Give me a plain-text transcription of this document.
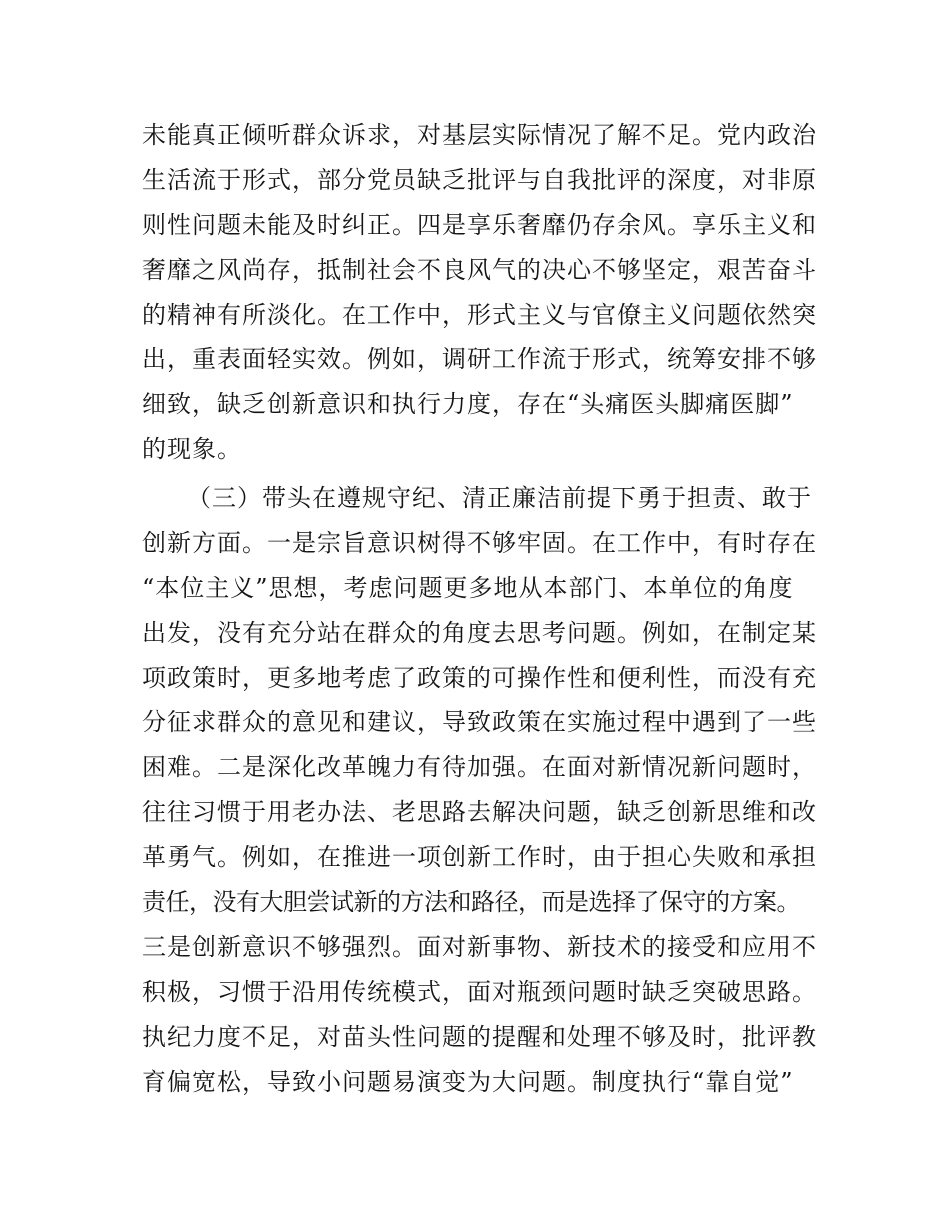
未能真正倾听群众诉求，对基层实际情况了解不足。党内政治
生活流于形式，部分党员缺乏批评与自我批评的深度，对非原
则性问题未能及时纠正。四是享乐奢靡仍存余风。享乐主义和
奢靡之风尚存，抵制社会不良风气的决心不够坚定，艰苦奋斗
的精神有所淡化。在工作中，形式主义与官僚主义问题依然突
出，重表面轻实效。例如，调研工作流于形式，统筹安排不够
细致，缺乏创新意识和执行力度，存在“头痛医头脚痛医脚”
的现象。
（三）带头在遵规守纪、清正廉洁前提下勇于担责、敢于
创新方面。一是宗旨意识树得不够牢固。在工作中，有时存在
“本位主义”思想，考虑问题更多地从本部门、本单位的角度
出发，没有充分站在群众的角度去思考问题。例如，在制定某
项政策时，更多地考虑了政策的可操作性和便利性，而没有充
分征求群众的意见和建议，导致政策在实施过程中遇到了一些
困难。二是深化改革魄力有待加强。在面对新情况新问题时，
往往习惯于用老办法、老思路去解决问题，缺乏创新思维和改
革勇气。例如，在推进一项创新工作时，由于担心失败和承担
责任，没有大胆尝试新的方法和路径，而是选择了保守的方案。
三是创新意识不够强烈。面对新事物、新技术的接受和应用不
积极，习惯于沿用传统模式，面对瓶颈问题时缺乏突破思路。
执纪力度不足，对苗头性问题的提醒和处理不够及时，批评教
育偏宽松，导致小问题易演变为大问题。制度执行“靠自觉”
